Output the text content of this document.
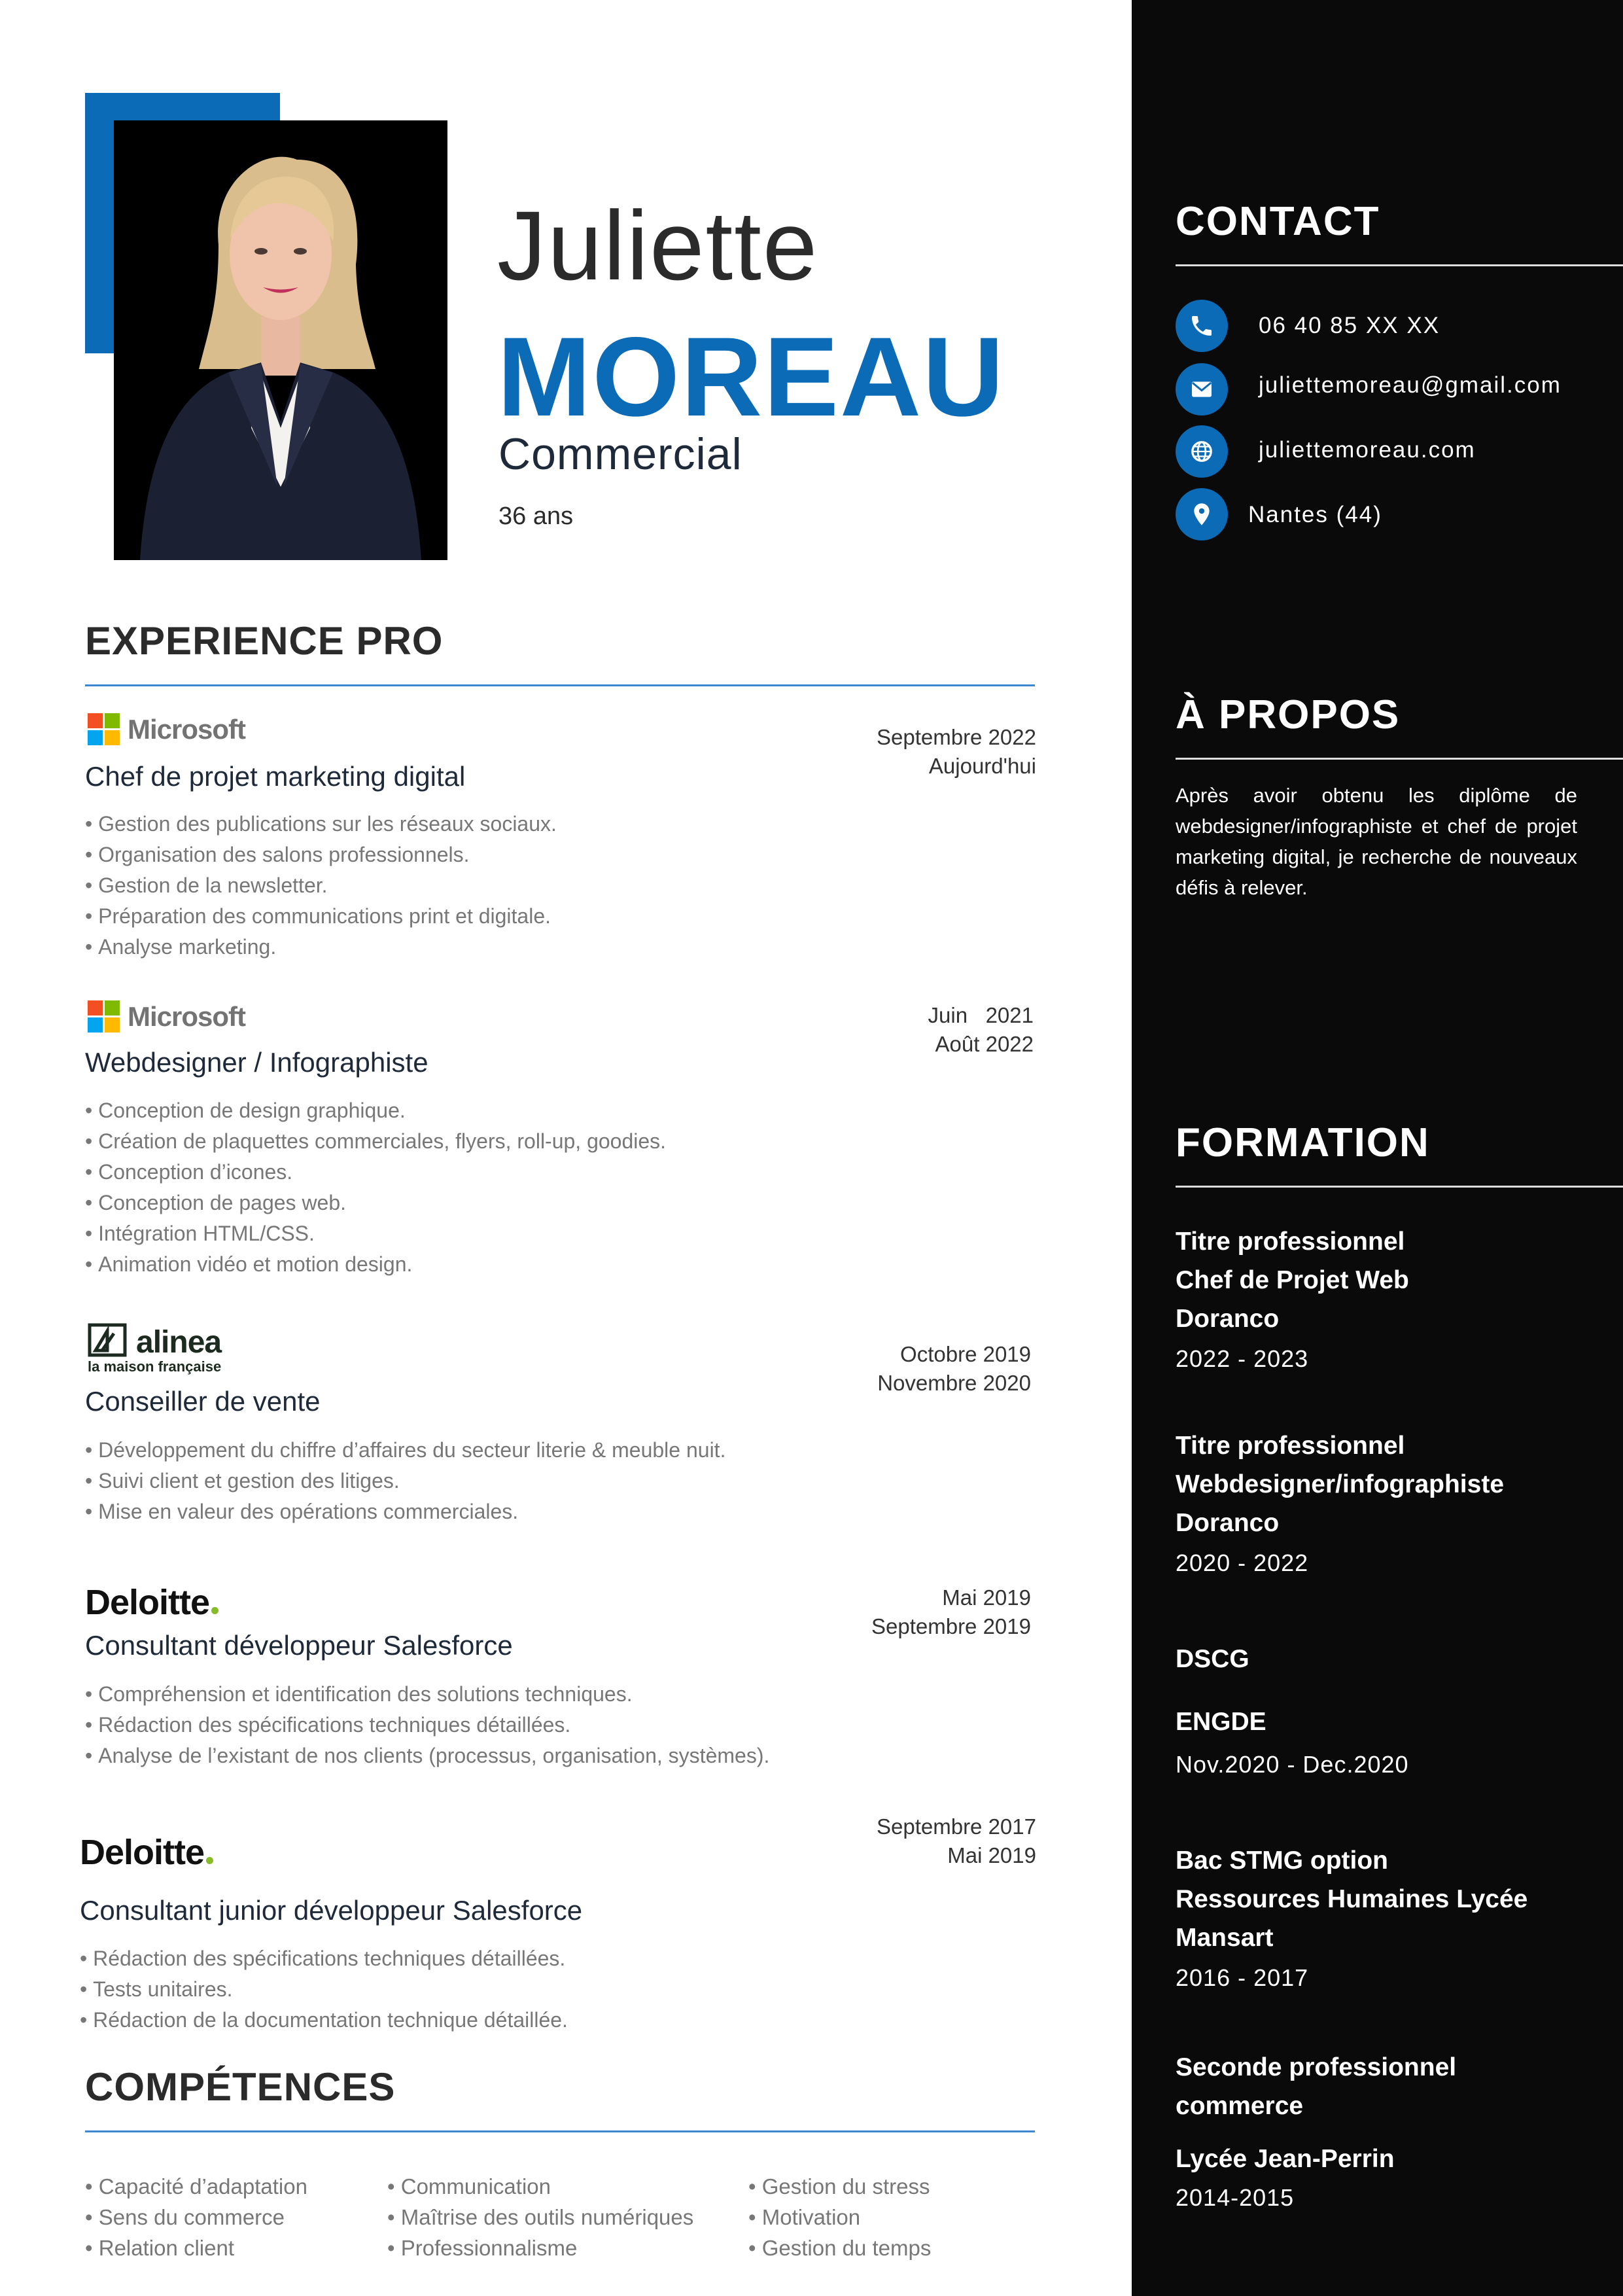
Juliette
MOREAU
Commercial
36 ans
EXPERIENCE PRO
Microsoft	Septembre 2022
Aujourd'hui
Chef de projet marketing digital
• Gestion des publications sur les réseaux sociaux.
• Organisation des salons professionnels.
• Gestion de la newsletter.
• Préparation des communications print et digitale.
• Analyse marketing.
Microsoft	Juin   2021
Août 2022
Webdesigner / Infographiste
• Conception de design graphique.
• Création de plaquettes commerciales, flyers, roll-up, goodies.
• Conception d’icones.
• Conception de pages web.
• Intégration HTML/CSS.
• Animation vidéo et motion design.
alinea
la maison française
Octobre 2019
Novembre 2020
Conseiller de vente
• Développement du chiffre d’affaires du secteur literie & meuble nuit.
• Suivi client et gestion des litiges.
• Mise en valeur des opérations commerciales.
Deloitte	Mai 2019
Septembre 2019
Consultant développeur Salesforce
• Compréhension et identification des solutions techniques.
• Rédaction des spécifications techniques détaillées.
• Analyse de l’existant de nos clients (processus, organisation, systèmes).
Deloitte
Septembre 2017
Mai 2019
Consultant junior développeur Salesforce
• Rédaction des spécifications techniques détaillées.
• Tests unitaires.
• Rédaction de la documentation technique détaillée.
COMPÉTENCES
• Capacité d’adaptation
• Sens du commerce
• Relation client
• Communication
• Maîtrise des outils numériques
• Professionnalisme
• Gestion du stress
• Motivation
• Gestion du temps
CONTACT
06 40 85 XX XX
juliettemoreau@gmail.com
juliettemoreau.com
Nantes (44)
À PROPOS
Après avoir obtenu les diplôme de webdesigner/infographiste et chef de projet marketing digital, je recherche de nouveaux défis à relever.
FORMATION
Titre professionnel
Chef de Projet Web
Doranco
2022 - 2023
Titre professionnel
Webdesigner/infographiste
Doranco
2020 - 2022
DSCG
ENGDE
Nov.2020 - Dec.2020
Bac STMG option
Ressources Humaines Lycée
Mansart
2016 - 2017
Seconde professionnel
commerce
Lycée Jean-Perrin
2014-2015
